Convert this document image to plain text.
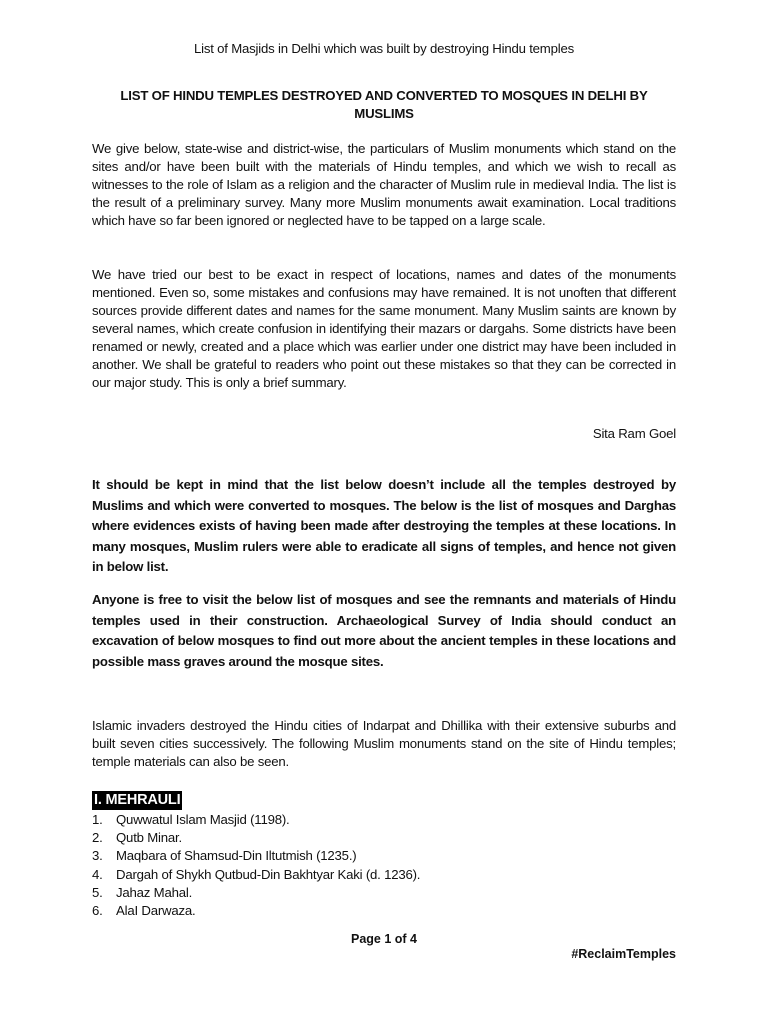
List of Masjids in Delhi which was built by destroying Hindu temples
LIST OF HINDU TEMPLES DESTROYED AND CONVERTED TO MOSQUES IN DELHI BY MUSLIMS

We give below, state-wise and district-wise, the particulars of Muslim monuments which stand on the sites and/or have been built with the materials of Hindu temples, and which we wish to recall as witnesses to the role of Islam as a religion and the character of Muslim rule in medieval India. The list is the result of a preliminary survey. Many more Muslim monuments await examination. Local traditions which have so far been ignored or neglected have to be tapped on a large scale.

We have tried our best to be exact in respect of locations, names and dates of the monuments mentioned. Even so, some mistakes and confusions may have remained. It is not unoften that different sources provide different dates and names for the same monument. Many Muslim saints are known by several names, which create confusion in identifying their mazars or dargahs. Some districts have been renamed or newly, created and a place which was earlier under one district may have been included in another. We shall be grateful to readers who point out these mistakes so that they can be corrected in our major study. This is only a brief summary.

Sita Ram Goel

It should be kept in mind that the list below doesn’t include all the temples destroyed by Muslims and which were converted to mosques. The below is the list of mosques and Darghas where evidences exists of having been made after destroying the temples at these locations. In many mosques, Muslim rulers were able to eradicate all signs of temples, and hence not given in below list.

Anyone is free to visit the below list of mosques and see the remnants and materials of Hindu temples used in their construction. Archaeological Survey of India should conduct an excavation of below mosques to find out more about the ancient temples in these locations and possible mass graves around the mosque sites.

Islamic invaders destroyed the Hindu cities of Indarpat and Dhillika with their extensive suburbs and built seven cities successively. The following Muslim monuments stand on the site of Hindu temples; temple materials can also be seen.

I. MEHRAULI
1.	Quwwatul Islam Masjid (1198).
2.	Qutb Minar.
3.	Maqbara of Shamsud-Din Iltutmish (1235.)
4.	Dargah of Shykh Qutbud-Din Bakhtyar Kaki (d. 1236).
5.	Jahaz Mahal.
6.	AlaI Darwaza.
Page 1 of 4
#ReclaimTemples
